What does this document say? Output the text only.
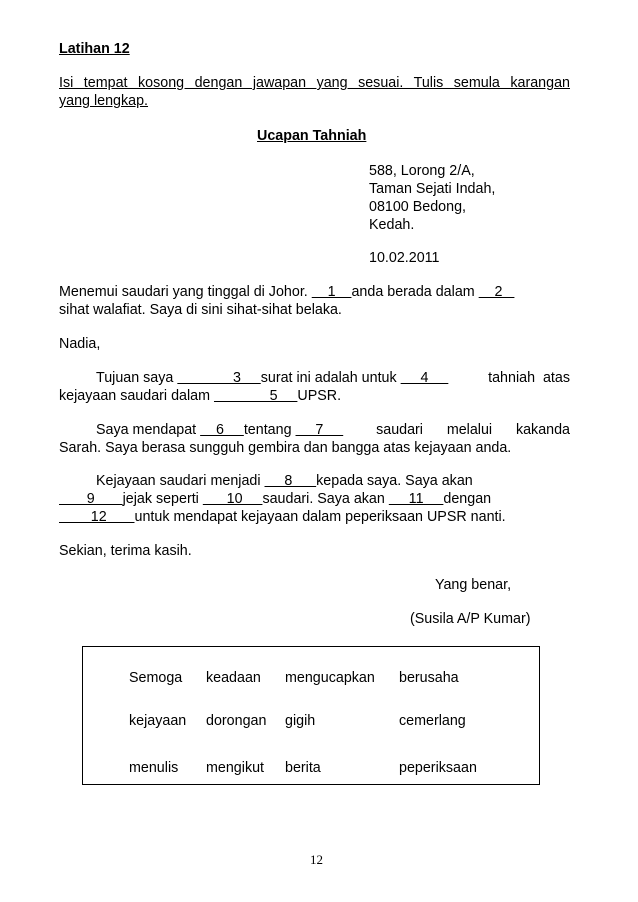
Latihan 12
Isi tempat kosong dengan jawapan yang sesuai. Tulis semula karangan
yang lengkap.
Ucapan Tahniah
588, Lorong 2/A,
Taman Sejati Indah,
08100 Bedong,
Kedah.
10.02.2011
Menemui saudari yang tinggal di Johor.     1    anda berada dalam     2
sihat walafiat. Saya di sini sihat-sihat belaka.
Nadia,
Tujuan saya               3     surat ini adalah untuk      4	tahniah  atas
kejayaan saudari dalam               5     UPSR.
Saya mendapat     6     tentang      7 saudari      melalui      kakanda
Sarah. Saya berasa sungguh gembira dan bangga atas kejayaan anda.
Kejayaan saudari menjadi      8      kepada saya. Saya akan
9       jejak seperti       10     saudari. Saya akan      11     dengan
12       untuk mendapat kejayaan dalam peperiksaan UPSR nanti.
Sekian, terima kasih.
Yang benar,
(Susila A/P Kumar)
Semoga keadaan mengucapkan berusaha
kejayaan dorongan gigih	cemerlang
menulis mengikut berita	peperiksaan
12
